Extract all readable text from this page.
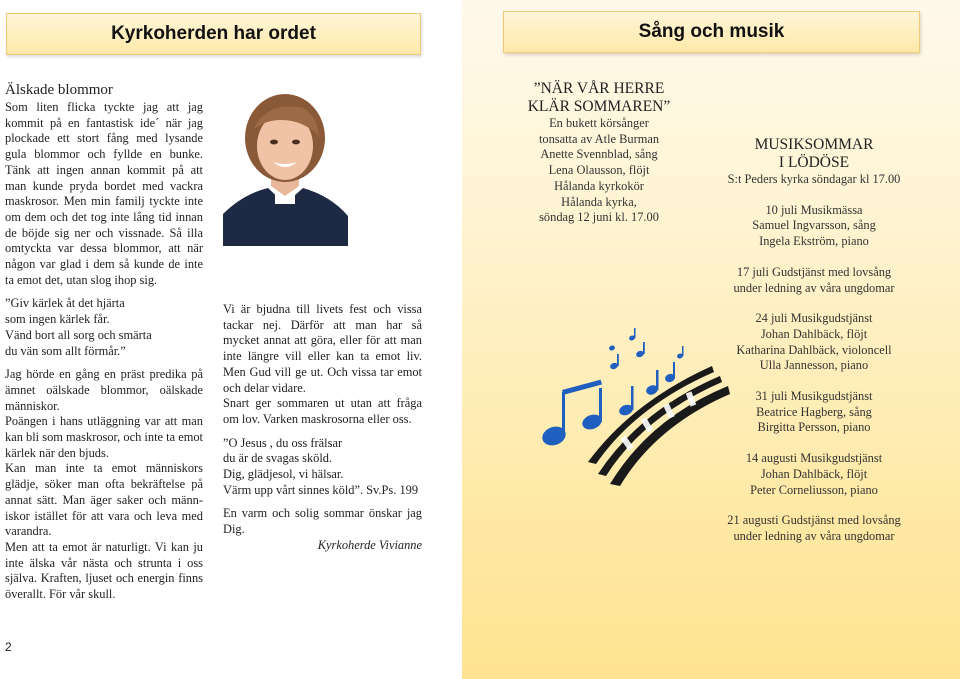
Kyrkoherden har ordet	Sång och musik

Älskade blommor

Som liten flicka tyckte jag att jag kommit på en fantastisk ide´ när jag plockade ett stort fång med lysande gula blommor och fyllde en bunke. Tänk att ingen annan kommit på att man kunde pryda bordet med vackra maskrosor. Men min familj tyckte inte om dem och det tog inte lång tid innan de böjde sig ner och vissnade. Så illa omtyckta var dessa blommor, att när någon var glad i dem så kunde de inte ta emot det, utan slog ihop sig.

”Giv kärlek åt det hjärta

som ingen kärlek får.

Vänd bort all sorg och smärta

du vän som allt förmår.”

Jag hörde en gång en präst predika på ämnet oälskade blommor, oälskade människor.

Poängen i hans utläggning var att man kan bli som maskrosor, och inte ta emot kärlek när den bjuds.

Kan man inte ta emot människors glädje, söker man ofta bekräftelse på annat sätt. Man äger saker och männ-iskor istället för att vara och leva med varandra.

Men att ta emot är naturligt. Vi kan ju inte älska vår nästa och strunta i oss själva. Kraften, ljuset och energin finns överallt. För vår skull.

Vi är bjudna till livets fest och vissa tackar nej. Därför att man har så mycket annat att göra, eller för att man inte längre vill eller kan ta emot liv. Men Gud vill ge ut. Och vissa tar emot och delar vidare.

Snart ger sommaren ut utan att fråga om lov. Varken maskrosorna eller oss.

”O Jesus , du oss frälsar

du är de svagas sköld.

Dig, glädjesol, vi hälsar.

Värm upp vårt sinnes köld”. Sv.Ps. 199

En varm och solig sommar önskar jag Dig.

Kyrkoherde Vivianne

”NÄR VÅR HERRE

KLÄR SOMMAREN”

En bukett körsånger

tonsatta av Atle Burman

Anette Svennblad, sång

Lena Olausson, flöjt

Hålanda kyrkokör

Hålanda kyrka,

söndag 12 juni kl. 17.00

MUSIKSOMMAR

I LÖDÖSE

S:t Peders kyrka söndagar kl 17.00

10 juli Musikmässa

Samuel Ingvarsson, sång

Ingela Ekström, piano

17 juli Gudstjänst med lovsång

under ledning av våra ungdomar

24 juli Musikgudstjänst

Johan Dahlbäck, flöjt

Katharina Dahlbäck, violoncell

Ulla Jannesson, piano

31 juli Musikgudstjänst

Beatrice Hagberg, sång

Birgitta Persson, piano

14 augusti Musikgudstjänst

Johan Dahlbäck, flöjt

Peter Corneliusson, piano

21 augusti Gudstjänst med lovsång

under ledning av våra ungdomar

2
